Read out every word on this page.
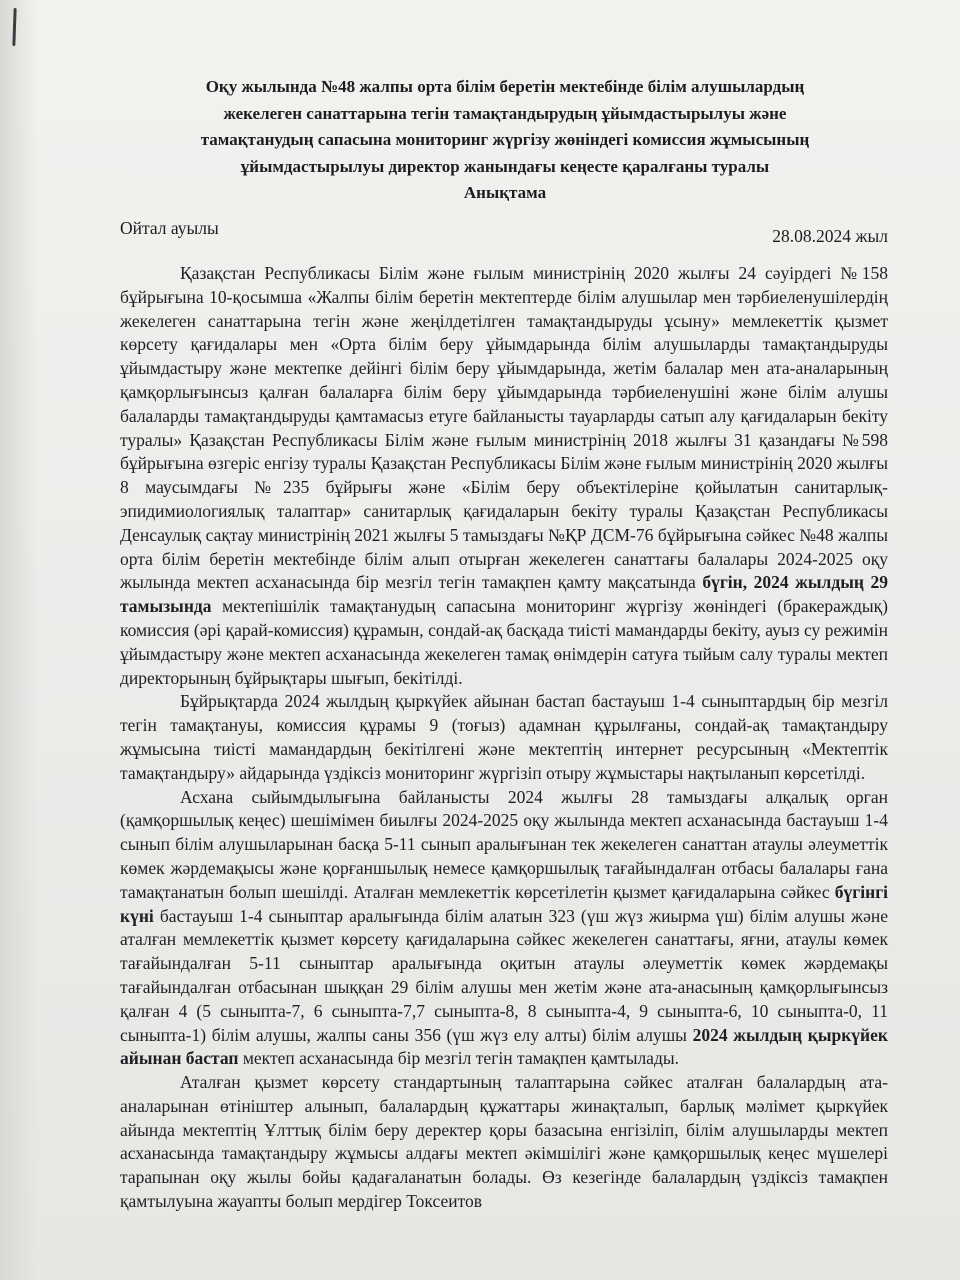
Оқу жылында №48 жалпы орта білім беретін мектебінде білім алушылардың
жекелеген санаттарына тегін тамақтандырудың ұйымдастырылуы және
тамақтанудың сапасына мониторинг жүргізу жөніндегі комиссия жұмысының
ұйымдастырылуы директор жанындағы кеңесте қаралғаны туралы
Анықтама
Ойтал ауылы	28.08.2024 жыл

Қазақстан Республикасы Білім және ғылым министрінің 2020 жылғы 24 сәуірдегі №158 бұйрығына 10-қосымша «Жалпы білім беретін мектептерде білім алушылар мен тәрбиеленушілердің жекелеген санаттарына тегін және жеңілдетілген тамақтандыруды ұсыну» мемлекеттік қызмет көрсету қағидалары мен «Орта білім беру ұйымдарында білім алушыларды тамақтандыруды ұйымдастыру және мектепке дейінгі білім беру ұйымдарында, жетім балалар мен ата-аналарының қамқорлығынсыз қалған балаларға білім беру ұйымдарында тәрбиеленушіні және білім алушы балаларды тамақтандыруды қамтамасыз етуге байланысты тауарларды сатып алу қағидаларын бекіту туралы» Қазақстан Республикасы Білім және ғылым министрінің 2018 жылғы 31 қазандағы №598 бұйрығына өзгеріс енгізу туралы Қазақстан Республикасы Білім және ғылым министрінің 2020 жылғы 8 маусымдағы №235 бұйрығы және «Білім беру объектілеріне қойылатын санитарлық-эпидимиологиялық талаптар» санитарлық қағидаларын бекіту туралы Қазақстан Республикасы Денсаулық сақтау министрінің 2021 жылғы 5 тамыздағы №ҚР ДСМ-76 бұйрығына сәйкес №48 жалпы орта білім беретін мектебінде білім алып отырған жекелеген санаттағы балалары 2024-2025 оқу жылында мектеп асханасында бір мезгіл тегін тамақпен қамту мақсатында бүгін, 2024 жылдың 29 тамызында мектепішілік тамақтанудың сапасына мониторинг жүргізу жөніндегі (бракераждық) комиссия (әрі қарай-комиссия) құрамын, сондай-ақ басқада тиісті мамандарды бекіту, ауыз су режимін ұйымдастыру және мектеп асханасында жекелеген тамақ өнімдерін сатуға тыйым салу туралы мектеп директорының бұйрықтары шығып, бекітілді.

Бұйрықтарда 2024 жылдың қыркүйек айынан бастап бастауыш 1-4 сыныптардың бір мезгіл тегін тамақтануы, комиссия құрамы 9 (тоғыз) адамнан құрылғаны, сондай-ақ тамақтандыру жұмысына тиісті мамандардың бекітілгені және мектептің интернет ресурсының «Мектептік тамақтандыру» айдарында үздіксіз мониторинг жүргізіп отыру жұмыстары нақтыланып көрсетілді.

Асхана сыйымдылығына байланысты 2024 жылғы 28 тамыздағы алқалық орган (қамқоршылық кеңес) шешімімен биылғы 2024-2025 оқу жылында мектеп асханасында бастауыш 1-4 сынып білім алушыларынан басқа 5-11 сынып аралығынан тек жекелеген санаттан атаулы әлеуметтік көмек жәрдемақысы және қорғаншылық немесе қамқоршылық тағайындалған отбасы балалары ғана тамақтанатын болып шешілді. Аталған мемлекеттік көрсетілетін қызмет қағидаларына сәйкес бүгінгі күні бастауыш 1-4 сыныптар аралығында білім алатын 323 (үш жүз жиырма үш) білім алушы және аталған мемлекеттік қызмет көрсету қағидаларына сәйкес жекелеген санаттағы, яғни, атаулы көмек тағайындалған 5-11 сыныптар аралығында оқитын атаулы әлеуметтік көмек жәрдемақы тағайындалған отбасынан шыққан 29 білім алушы мен жетім және ата-анасының қамқорлығынсыз қалған 4 (5 сыныпта-7, 6 сыныпта-7,7 сыныпта-8, 8 сыныпта-4, 9 сыныпта-6, 10 сыныпта-0, 11 сыныпта-1) білім алушы, жалпы саны 356 (үш жүз елу алты) білім алушы 2024 жылдың қыркүйек айынан бастап мектеп асханасында бір мезгіл тегін тамақпен қамтылады.

Аталған қызмет көрсету стандартының талаптарына сәйкес аталған балалардың ата-аналарынан өтініштер алынып, балалардың құжаттары жинақталып, барлық мәлімет қыркүйек айында мектептің Ұлттық білім беру деректер қоры базасына енгізіліп, білім алушыларды мектеп асханасында тамақтандыру жұмысы алдағы мектеп әкімшілігі және қамқоршылық кеңес мүшелері тарапынан оқу жылы бойы қадағаланатын болады. Өз кезегінде балалардың үздіксіз тамақпен қамтылуына жауапты болып мердігер Токсеитов
